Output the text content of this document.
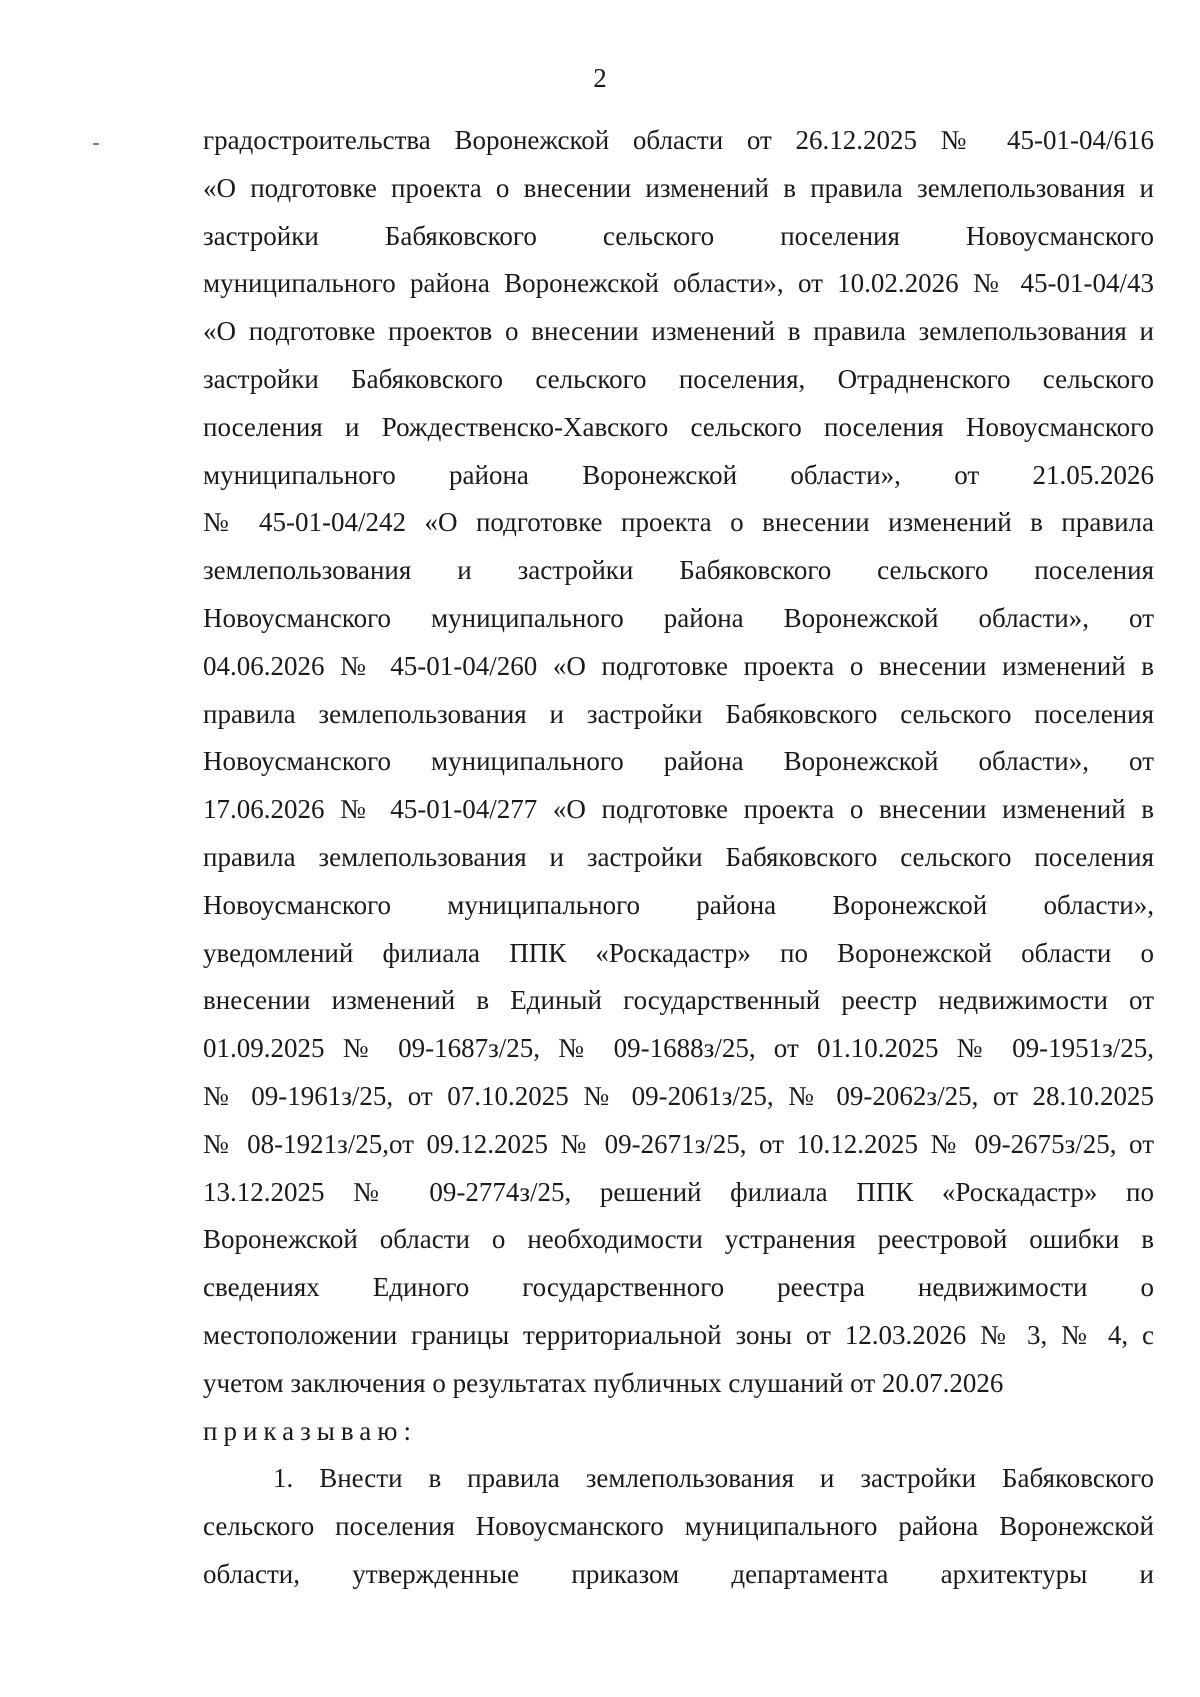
2
градостроительства Воронежской области от 26.12.2025 № 45-01-04/616
«О подготовке проекта о внесении изменений в правила землепользования и
застройки Бабяковского сельского поселения Новоусманского
муниципального района Воронежской области», от 10.02.2026 № 45-01-04/43
«О подготовке проектов о внесении изменений в правила землепользования и
застройки Бабяковского сельского поселения, Отрадненского сельского
поселения и Рождественско-Хавского сельского поселения Новоусманского
муниципального района Воронежской области», от 21.05.2026
№ 45-01-04/242 «О подготовке проекта о внесении изменений в правила
землепользования и застройки Бабяковского сельского поселения
Новоусманского муниципального района Воронежской области», от
04.06.2026 № 45-01-04/260 «О подготовке проекта о внесении изменений в
правила землепользования и застройки Бабяковского сельского поселения
Новоусманского муниципального района Воронежской области», от
17.06.2026 № 45-01-04/277 «О подготовке проекта о внесении изменений в
правила землепользования и застройки Бабяковского сельского поселения
Новоусманского муниципального района Воронежской области»,
уведомлений филиала ППК «Роскадастр» по Воронежской области о
внесении изменений в Единый государственный реестр недвижимости от
01.09.2025 № 09-1687з/25, № 09-1688з/25, от 01.10.2025 № 09-1951з/25,
№ 09-1961з/25, от 07.10.2025 № 09-2061з/25, № 09-2062з/25, от 28.10.2025
№ 08-1921з/25,от 09.12.2025 № 09-2671з/25, от 10.12.2025 № 09-2675з/25, от
13.12.2025 № 09-2774з/25, решений филиала ППК «Роскадастр» по
Воронежской области о необходимости устранения реестровой ошибки в
сведениях Единого государственного реестра недвижимости о
местоположении границы территориальной зоны от 12.03.2026 № 3, № 4, с
учетом заключения о результатах публичных слушаний от 20.07.2026
приказываю:
1. Внести в правила землепользования и застройки Бабяковского
сельского поселения Новоусманского муниципального района Воронежской
области, утвержденные приказом департамента архитектуры и
